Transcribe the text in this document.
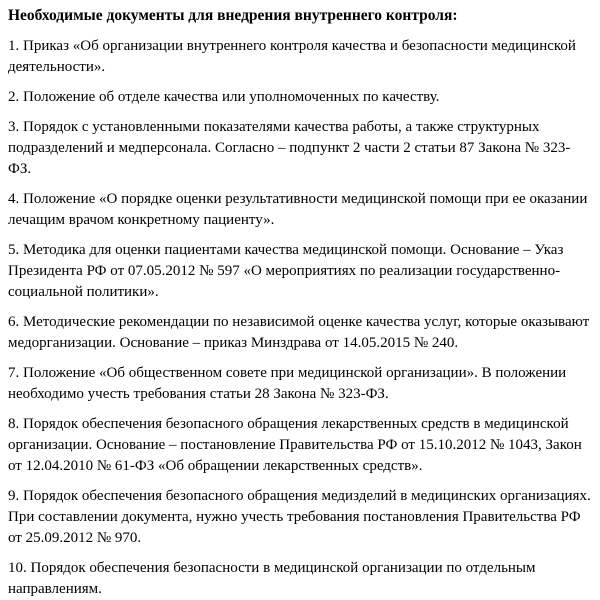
Необходимые документы для внедрения внутреннего контроля:

1. Приказ «Об организации внутреннего контроля качества и безопасности медицинской деятельности».

2. Положение об отделе качества или уполномоченных по качеству.

3. Порядок с установленными показателями качества работы, а также структурных подразделений и медперсонала. Согласно – подпункт 2 части 2 статьи 87 Закона № 323-ФЗ.

4. Положение «О порядке оценки результативности медицинской помощи при ее оказании лечащим врачом конкретному пациенту».

5. Методика для оценки пациентами качества медицинской помощи. Основание – Указ Президента РФ от 07.05.2012 № 597 «О мероприятиях по реализации государственно-социальной политики».

6. Методические рекомендации по независимой оценке качества услуг, которые оказывают медорганизации. Основание – приказ Минздрава от 14.05.2015 № 240.

7. Положение «Об общественном совете при медицинской организации». В положении необходимо учесть требования статьи 28 Закона № 323-ФЗ.

8. Порядок обеспечения безопасного обращения лекарственных средств в медицинской организации. Основание – постановление Правительства РФ от 15.10.2012 № 1043, Закон от 12.04.2010 № 61-ФЗ «Об обращении лекарственных средств».

9. Порядок обеспечения безопасного обращения медизделий в медицинских организациях. При составлении документа, нужно учесть требования постановления Правительства РФ от 25.09.2012 № 970.

10. Порядок обеспечения безопасности в медицинской организации по отдельным направлениям.
